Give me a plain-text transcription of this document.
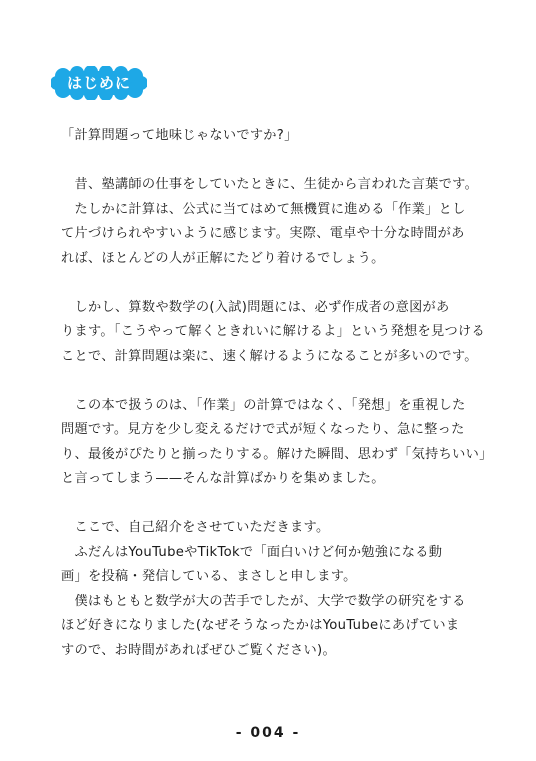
はじめに
「計算問題って地味じゃないですか?」
　昔、塾講師の仕事をしていたときに、生徒から言われた言葉です。
　たしかに計算は、公式に当てはめて無機質に進める「作業」とし
て片づけられやすいように感じます。実際、電卓や十分な時間があ
れば、ほとんどの人が正解にたどり着けるでしょう。
　しかし、算数や数学の(入試)問題には、必ず作成者の意図があ
ります。「こうやって解くときれいに解けるよ」という発想を見つける
ことで、計算問題は楽に、速く解けるようになることが多いのです。
　この本で扱うのは、「作業」の計算ではなく、「発想」を重視した
問題です。見方を少し変えるだけで式が短くなったり、急に整った
り、最後がぴたりと揃ったりする。解けた瞬間、思わず「気持ちいい」
と言ってしまう——そんな計算ばかりを集めました。
　ここで、自己紹介をさせていただきます。
　ふだんはYouTubeやTikTokで「面白いけど何か勉強になる動
画」を投稿・発信している、まさしと申します。
　僕はもともと数学が大の苦手でしたが、大学で数学の研究をする
ほど好きになりました(なぜそうなったかはYouTubeにあげていま
すので、お時間があればぜひご覧ください)。
- 004 -
